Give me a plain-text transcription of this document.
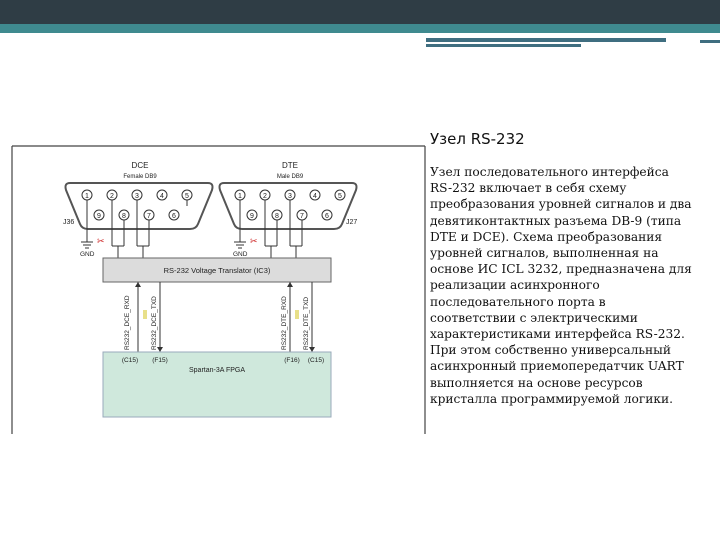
Узел RS-232
Узел последовательного интерфейса RS-232 включает в себя схему преобразования уровней сигналов и два девятиконтактных разъема DB-9 (типа DTE и DCE). Схема преобразования уровней сигналов, выполненная на основе ИС ICL 3232, предназначена для реализации асинхронного последовательного порта в соответствии с электрическими характеристиками интерфейса RS-232. При этом собственно универсальный асинхронный приемопередатчик UART выполняется на основе ресурсов кристалла программируемой логики.
DCE
Female DB9
DTE
Male DB9
J36	J27
1	2	3	4	5
9	8	7	6
1	2	3	4	5
9	8	7	6
✂	✂
GND	GND
RS-232 Voltage Translator (IC3)
RS232_DCE_RXD	RS232_DCE_TXD	RS232_DTE_RXD RS232_DTE_TXD
(C15) (F15)	(F16) (C15)
Spartan-3A FPGA
